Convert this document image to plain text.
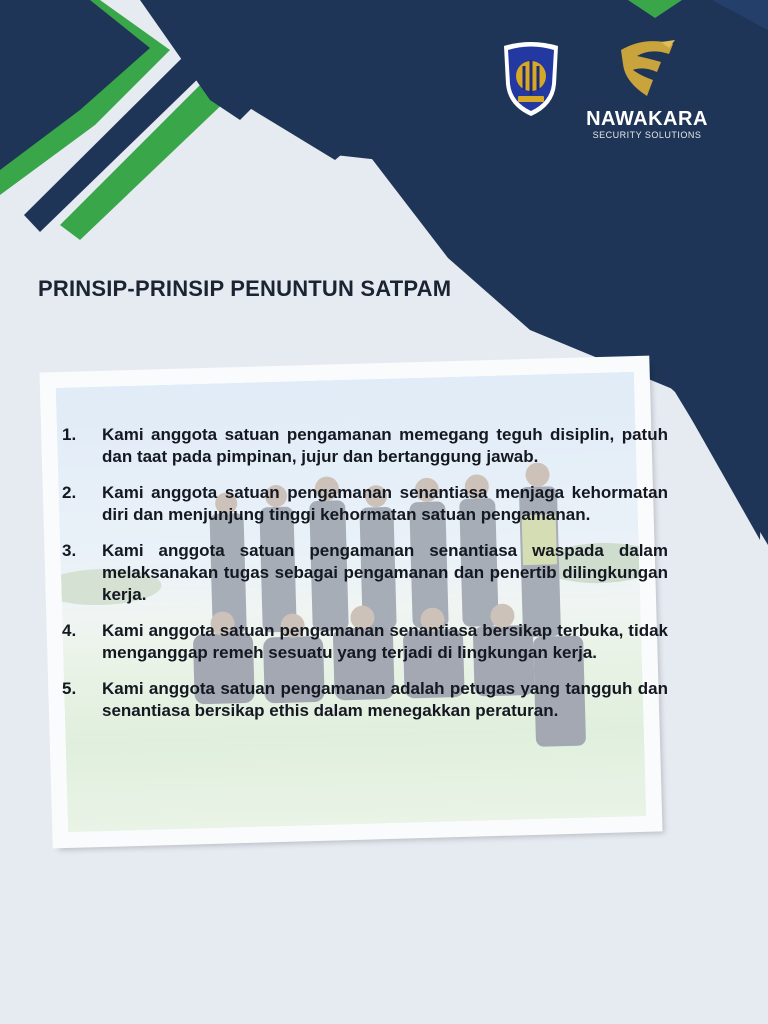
NAWAKARA
SECURITY SOLUTIONS
PRINSIP-PRINSIP PENUNTUN SATPAM
1. Kami anggota satuan pengamanan memegang teguh disiplin, patuh dan taat pada pimpinan, jujur dan bertanggung jawab.
2. Kami anggota satuan pengamanan senantiasa menjaga kehormatan diri dan menjunjung tinggi kehormatan satuan pengamanan.
3. Kami anggota satuan pengamanan senantiasa waspada dalam melaksanakan tugas sebagai pengamanan dan penertib dilingkungan kerja.
4. Kami anggota satuan pengamanan senantiasa bersikap terbuka, tidak menganggap remeh sesuatu yang terjadi di lingkungan kerja.
5. Kami anggota satuan pengamanan adalah petugas yang tangguh dan senantiasa bersikap ethis dalam menegakkan peraturan.
